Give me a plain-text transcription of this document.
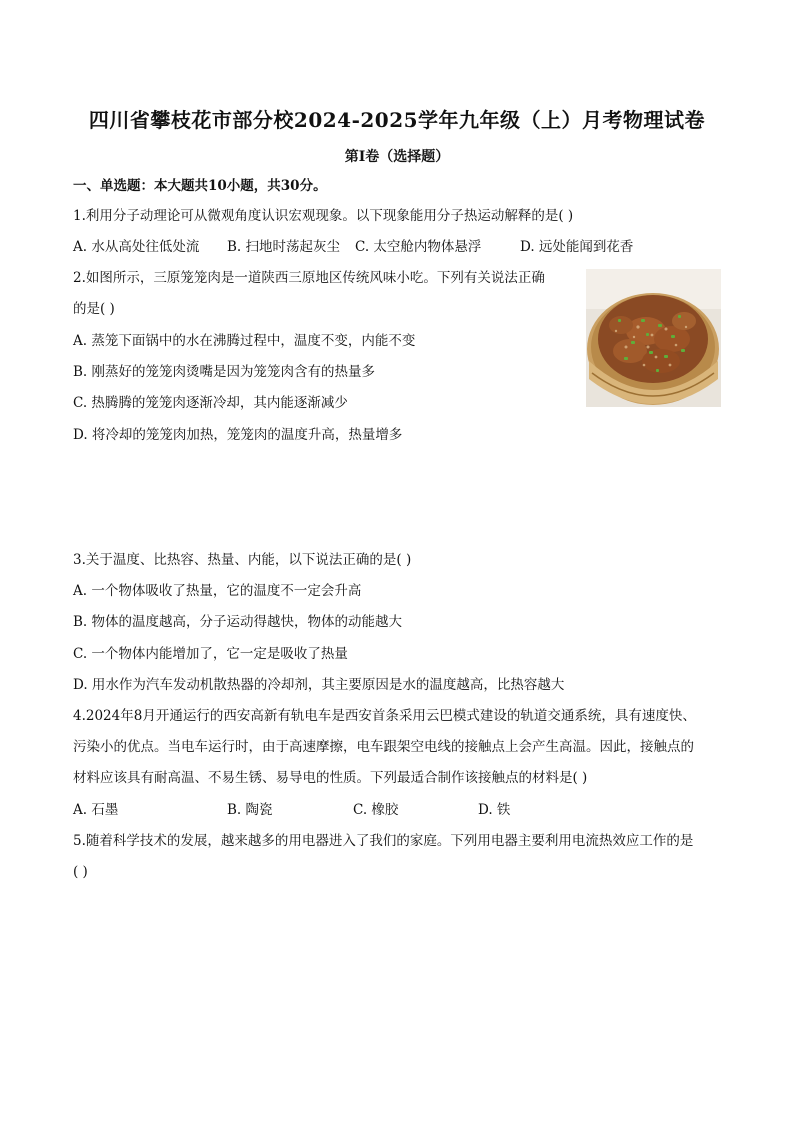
四川省攀枝花市部分校2024-2025学年九年级（上）月考物理试卷
第Ⅰ卷（选择题）
一、单选题：本大题共10小题，共30分。
1.利用分子动理论可从微观角度认识宏观现象。以下现象能用分子热运动解释的是( )
A. 水从高处往低处流 B. 扫地时荡起灰尘 C. 太空舱内物体悬浮	D. 远处能闻到花香
2.如图所示，三原笼笼肉是一道陕西三原地区传统风味小吃。下列有关说法正确
的是( )
A. 蒸笼下面锅中的水在沸腾过程中，温度不变，内能不变
B. 刚蒸好的笼笼肉烫嘴是因为笼笼肉含有的热量多
C. 热腾腾的笼笼肉逐渐冷却，其内能逐渐减少
D. 将冷却的笼笼肉加热，笼笼肉的温度升高，热量增多
3.关于温度、比热容、热量、内能，以下说法正确的是( )
A. 一个物体吸收了热量，它的温度不一定会升高
B. 物体的温度越高，分子运动得越快，物体的动能越大
C. 一个物体内能增加了，它一定是吸收了热量
D. 用水作为汽车发动机散热器的冷却剂，其主要原因是水的温度越高，比热容越大
4.2024年8月开通运行的西安高新有轨电车是西安首条采用云巴模式建设的轨道交通系统，具有速度快、
污染小的优点。当电车运行时，由于高速摩擦，电车跟架空电线的接触点上会产生高温。因此，接触点的
材料应该具有耐高温、不易生锈、易导电的性质。下列最适合制作该接触点的材料是( )
A. 石墨	B. 陶瓷	C. 橡胶	D. 铁
5.随着科学技术的发展，越来越多的用电器进入了我们的家庭。下列用电器主要利用电流热效应工作的是
( )
